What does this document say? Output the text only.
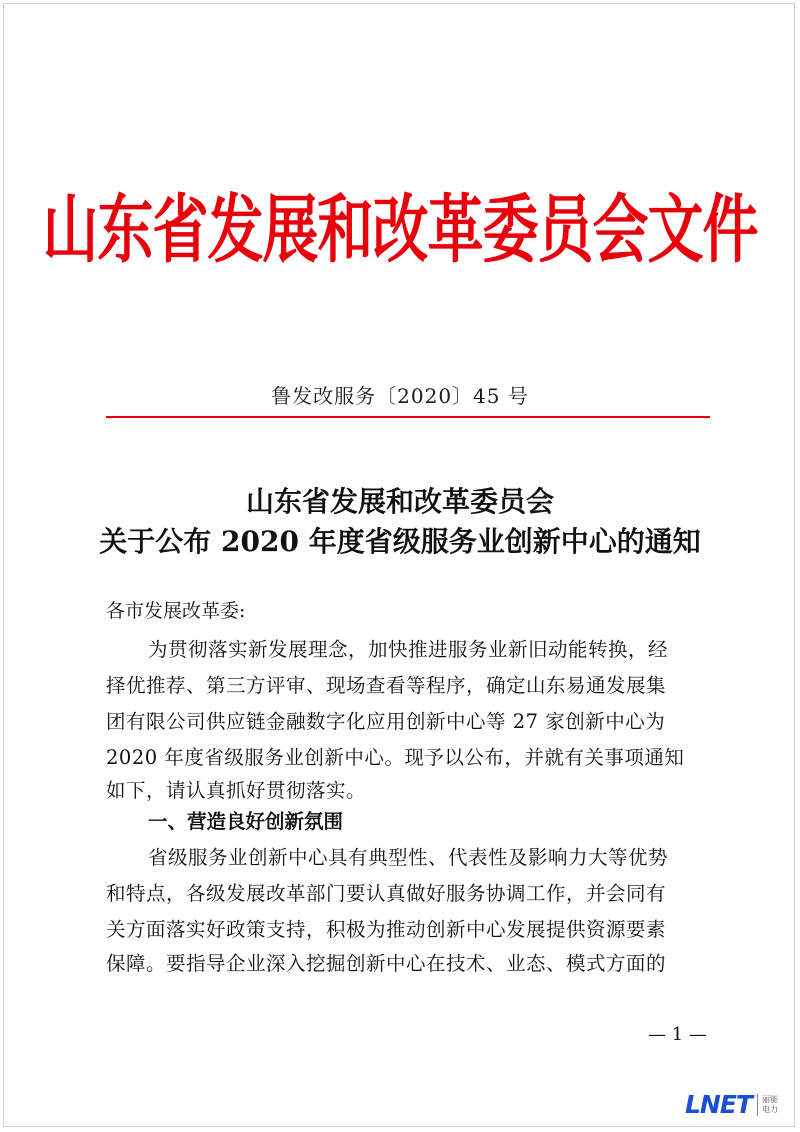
山东省发展和改革委员会文件
鲁发改服务〔2020〕45 号
山东省发展和改革委员会
关于公布 2020 年度省级服务业创新中心的通知
各市发展改革委:
为贯彻落实新发展理念，加快推进服务业新旧动能转换，经
择优推荐、第三方评审、现场查看等程序，确定山东易通发展集
团有限公司供应链金融数字化应用创新中心等 27 家创新中心为
2020 年度省级服务业创新中心。现予以公布，并就有关事项通知
如下，请认真抓好贯彻落实。
一、营造良好创新氛围
省级服务业创新中心具有典型性、代表性及影响力大等优势
和特点，各级发展改革部门要认真做好服务协调工作，并会同有
关方面落实好政策支持，积极为推动创新中心发展提供资源要素
保障。要指导企业深入挖掘创新中心在技术、业态、模式方面的
— 1 —
LNET 丽能
电力
